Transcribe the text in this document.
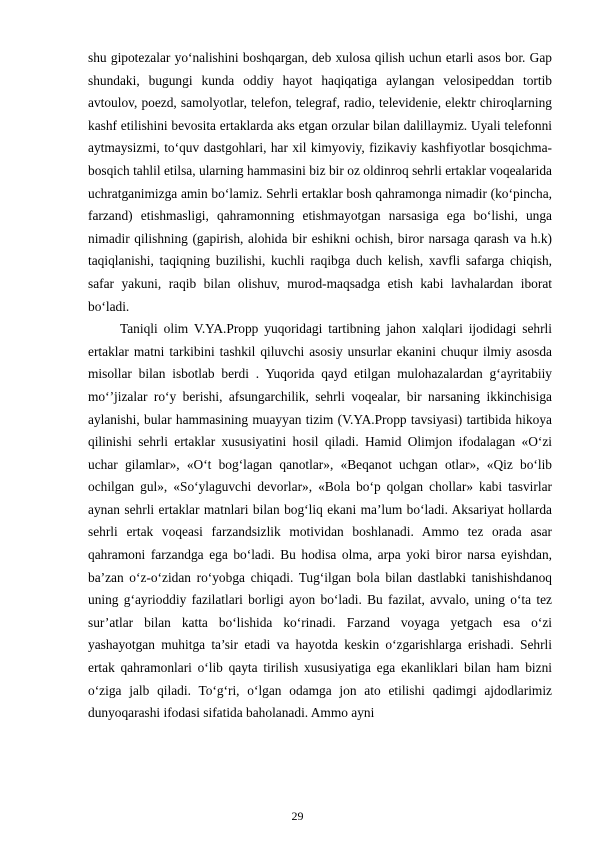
shu gipotezalar yo‘nalishini boshqargan, deb xulosa qilish uchun etarli asos bor. Gap shundaki, bugungi kunda oddiy hayot haqiqatiga aylangan velosipeddan tortib avtoulov, poezd, samolyotlar, telefon, telegraf, radio, televidenie, elektr chiroqlarning kashf etilishini bevosita ertaklarda aks etgan orzular bilan dalillaymiz. Uyali telefonni aytmaysizmi, to‘quv dastgohlari, har xil kimyoviy, fizikaviy kashfiyotlar bosqichma-bosqich tahlil etilsa, ularning hammasini biz bir oz oldinroq sehrli ertaklar voqealarida uchratganimizga amin bo‘lamiz. Sehrli ertaklar bosh qahramonga nimadir (ko‘pincha, farzand) etishmasligi, qahramonning etishmayotgan narsasiga ega bo‘lishi, unga nimadir qilishning (gapirish, alohida bir eshikni ochish, biror narsaga qarash va h.k) taqiqlanishi, taqiqning buzilishi, kuchli raqibga duch kelish, xavfli safarga chiqish, safar yakuni, raqib bilan olishuv, murod-maqsadga etish kabi lavhalardan iborat bo‘ladi.

Taniqli olim V.YA.Propp yuqoridagi tartibning jahon xalqlari ijodidagi sehrli ertaklar matni tarkibini tashkil qiluvchi asosiy unsurlar ekanini chuqur ilmiy asosda misollar bilan isbotlab berdi . Yuqorida qayd etilgan mulohazalardan g‘ayritabiiy mo‘’jizalar ro‘y berishi, afsungarchilik, sehrli voqealar, bir narsaning ikkinchisiga aylanishi, bular hammasining muayyan tizim (V.YA.Propp tavsiyasi) tartibida hikoya qilinishi sehrli ertaklar xususiyatini hosil qiladi. Hamid Olimjon ifodalagan «O‘zi uchar gilamlar», «O‘t bog‘lagan qanotlar», «Beqanot uchgan otlar», «Qiz bo‘lib ochilgan gul», «So‘ylaguvchi devorlar», «Bola bo‘p qolgan chollar» kabi tasvirlar aynan sehrli ertaklar matnlari bilan bog‘liq ekani ma’lum bo‘ladi. Aksariyat hollarda sehrli ertak voqeasi farzandsizlik motividan boshlanadi. Ammo tez orada asar qahramoni farzandga ega bo‘ladi. Bu hodisa olma, arpa yoki biror narsa eyishdan, ba’zan o‘z-o‘zidan ro‘yobga chiqadi. Tug‘ilgan bola bilan dastlabki tanishishdanoq uning g‘ayrioddiy fazilatlari borligi ayon bo‘ladi. Bu fazilat, avvalo, uning o‘ta tez sur’atlar bilan katta bo‘lishida ko‘rinadi. Farzand voyaga yetgach esa o‘zi yashayotgan muhitga ta’sir etadi va hayotda keskin o‘zgarishlarga erishadi. Sehrli ertak qahramonlari o‘lib qayta tirilish xususiyatiga ega ekanliklari bilan ham bizni o‘ziga jalb qiladi. To‘g‘ri, o‘lgan odamga jon ato etilishi qadimgi ajdodlarimiz dunyoqarashi ifodasi sifatida baholanadi. Ammo ayni

29
